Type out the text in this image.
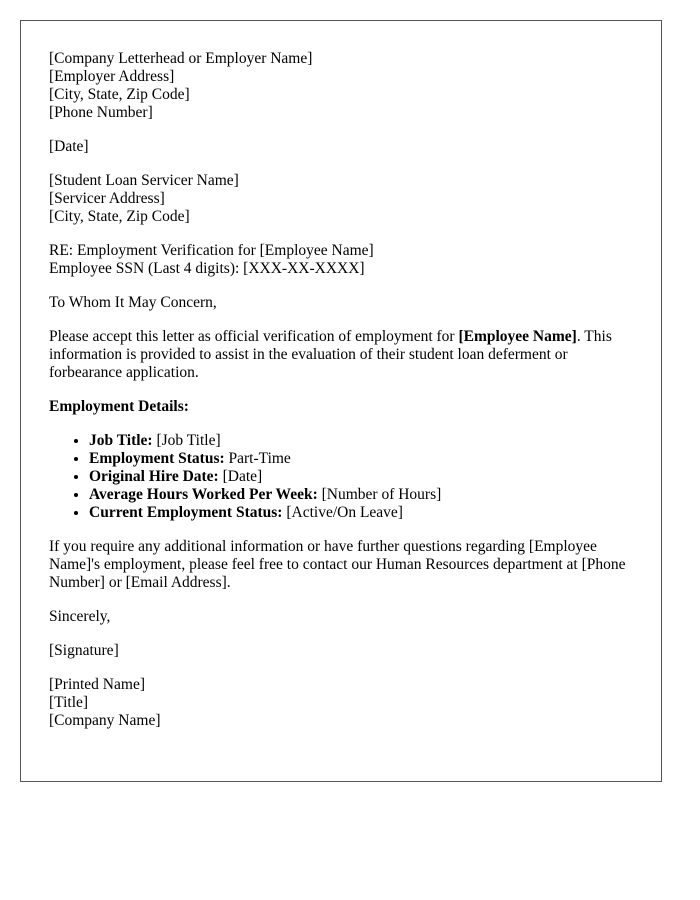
[Company Letterhead or Employer Name]
[Employer Address]
[City, State, Zip Code]
[Phone Number]
[Date]
[Student Loan Servicer Name]
[Servicer Address]
[City, State, Zip Code]
RE: Employment Verification for [Employee Name]
Employee SSN (Last 4 digits): [XXX-XX-XXXX]

To Whom It May Concern,

Please accept this letter as official verification of employment for [Employee Name]. This information is provided to assist in the evaluation of their student loan deferment or forbearance application.

Employment Details:

• Job Title: [Job Title]
• Employment Status: Part-Time
• Original Hire Date: [Date]
• Average Hours Worked Per Week: [Number of Hours]
• Current Employment Status: [Active/On Leave]

If you require any additional information or have further questions regarding [Employee Name]'s employment, please feel free to contact our Human Resources department at [Phone Number] or [Email Address].

Sincerely,

[Signature]

[Printed Name]
[Title]
[Company Name]
